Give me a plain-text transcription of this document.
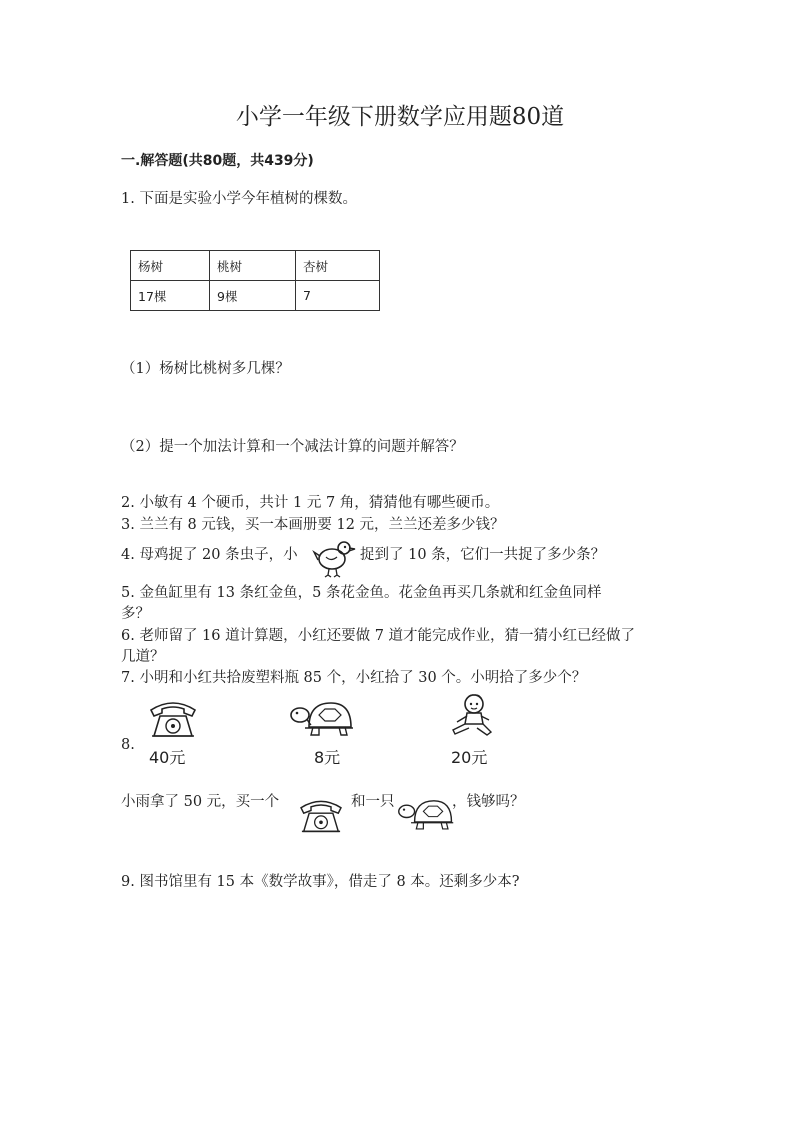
小学一年级下册数学应用题80道
一.解答题(共80题，共439分)
1. 下面是实验小学今年植树的棵数。
杨树	桃树	杏树
17棵	9棵	7
（1）杨树比桃树多几棵？
（2）提一个加法计算和一个减法计算的问题并解答？
2. 小敏有 4 个硬币，共计 1 元 7 角，猜猜他有哪些硬币。
3. 兰兰有 8 元钱，买一本画册要 12 元，兰兰还差多少钱？
4. 母鸡捉了 20 条虫子，小	捉到了 10 条，它们一共捉了多少条？
5. 金鱼缸里有 13 条红金鱼，5 条花金鱼。花金鱼再买几条就和红金鱼同样
多？
6. 老师留了 16 道计算题，小红还要做 7 道才能完成作业，猜一猜小红已经做了
几道？
7. 小明和小红共拾废塑料瓶 85 个，小红拾了 30 个。小明拾了多少个？
8.
40元	8元	20元
小雨拿了 50 元，买一个	和一只	，钱够吗？
9. 图书馆里有 15 本《数学故事》，借走了 8 本。还剩多少本?
